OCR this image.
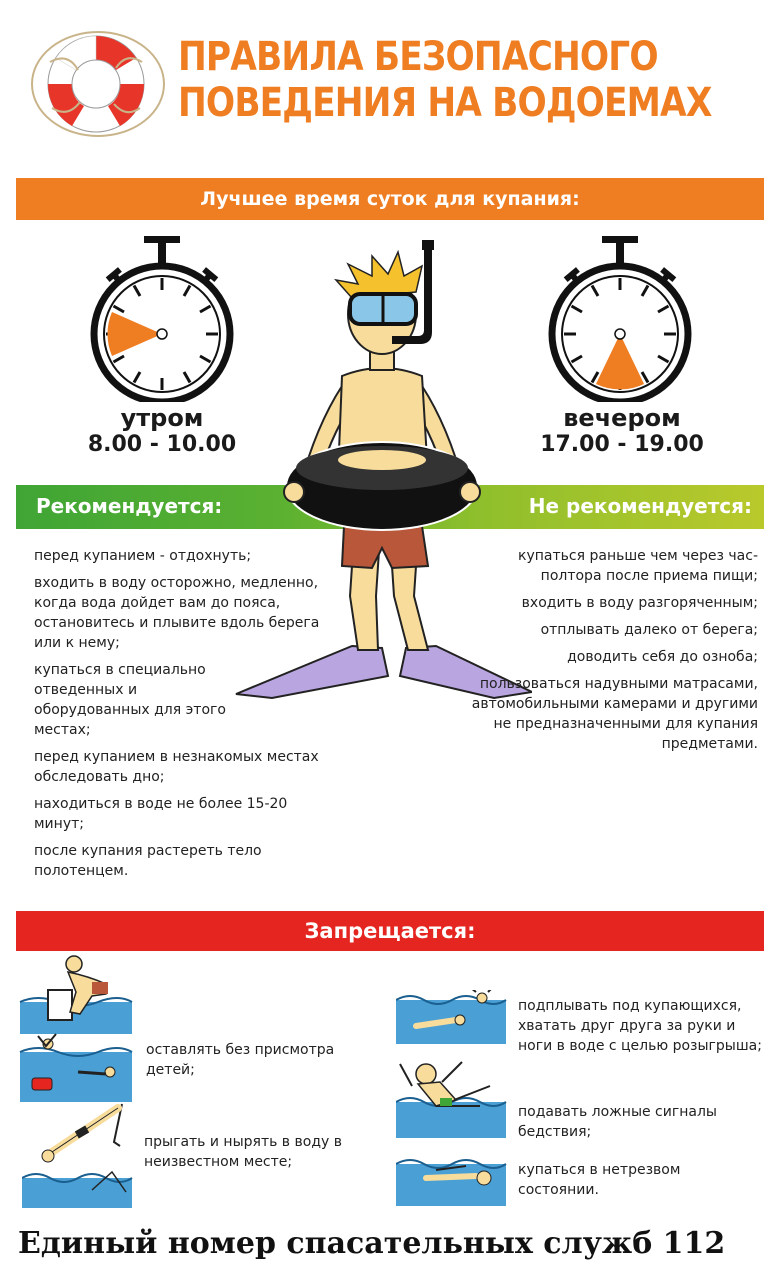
ПРАВИЛА БЕЗОПАСНОГО
ПОВЕДЕНИЯ НА ВОДОЕМАХ
Лучшее время суток для купания:
утром
8.00 - 10.00
вечером
17.00 - 19.00
Рекомендуется:	Не рекомендуется:
перед купанием - отдохнуть;
входить в воду осторожно, медленно, когда вода дойдет вам до пояса, остановитесь и плывите вдоль берега или к нему;
купаться в специально отведенных и оборудованных для этого местах;
перед купанием в незнакомых местах обследовать дно;
находиться в воде не более 15-20 минут;
после купания растереть тело полотенцем.
купаться раньше чем через час-полтора после приема пищи;
входить в воду разгоряченным;
отплывать далеко от берега;
доводить себя до озноба;
пользоваться надувными матрасами, автомобильными камерами и другими не предназначенными для купания предметами.
Запрещается:
оставлять без присмотра детей;
прыгать и нырять в воду в неизвестном месте;
подплывать под купающихся, хватать друг друга за руки и ноги в воде с целью розыгрыша;
подавать ложные сигналы бедствия;
купаться в нетрезвом состоянии.
Единый номер спасательных служб 112
